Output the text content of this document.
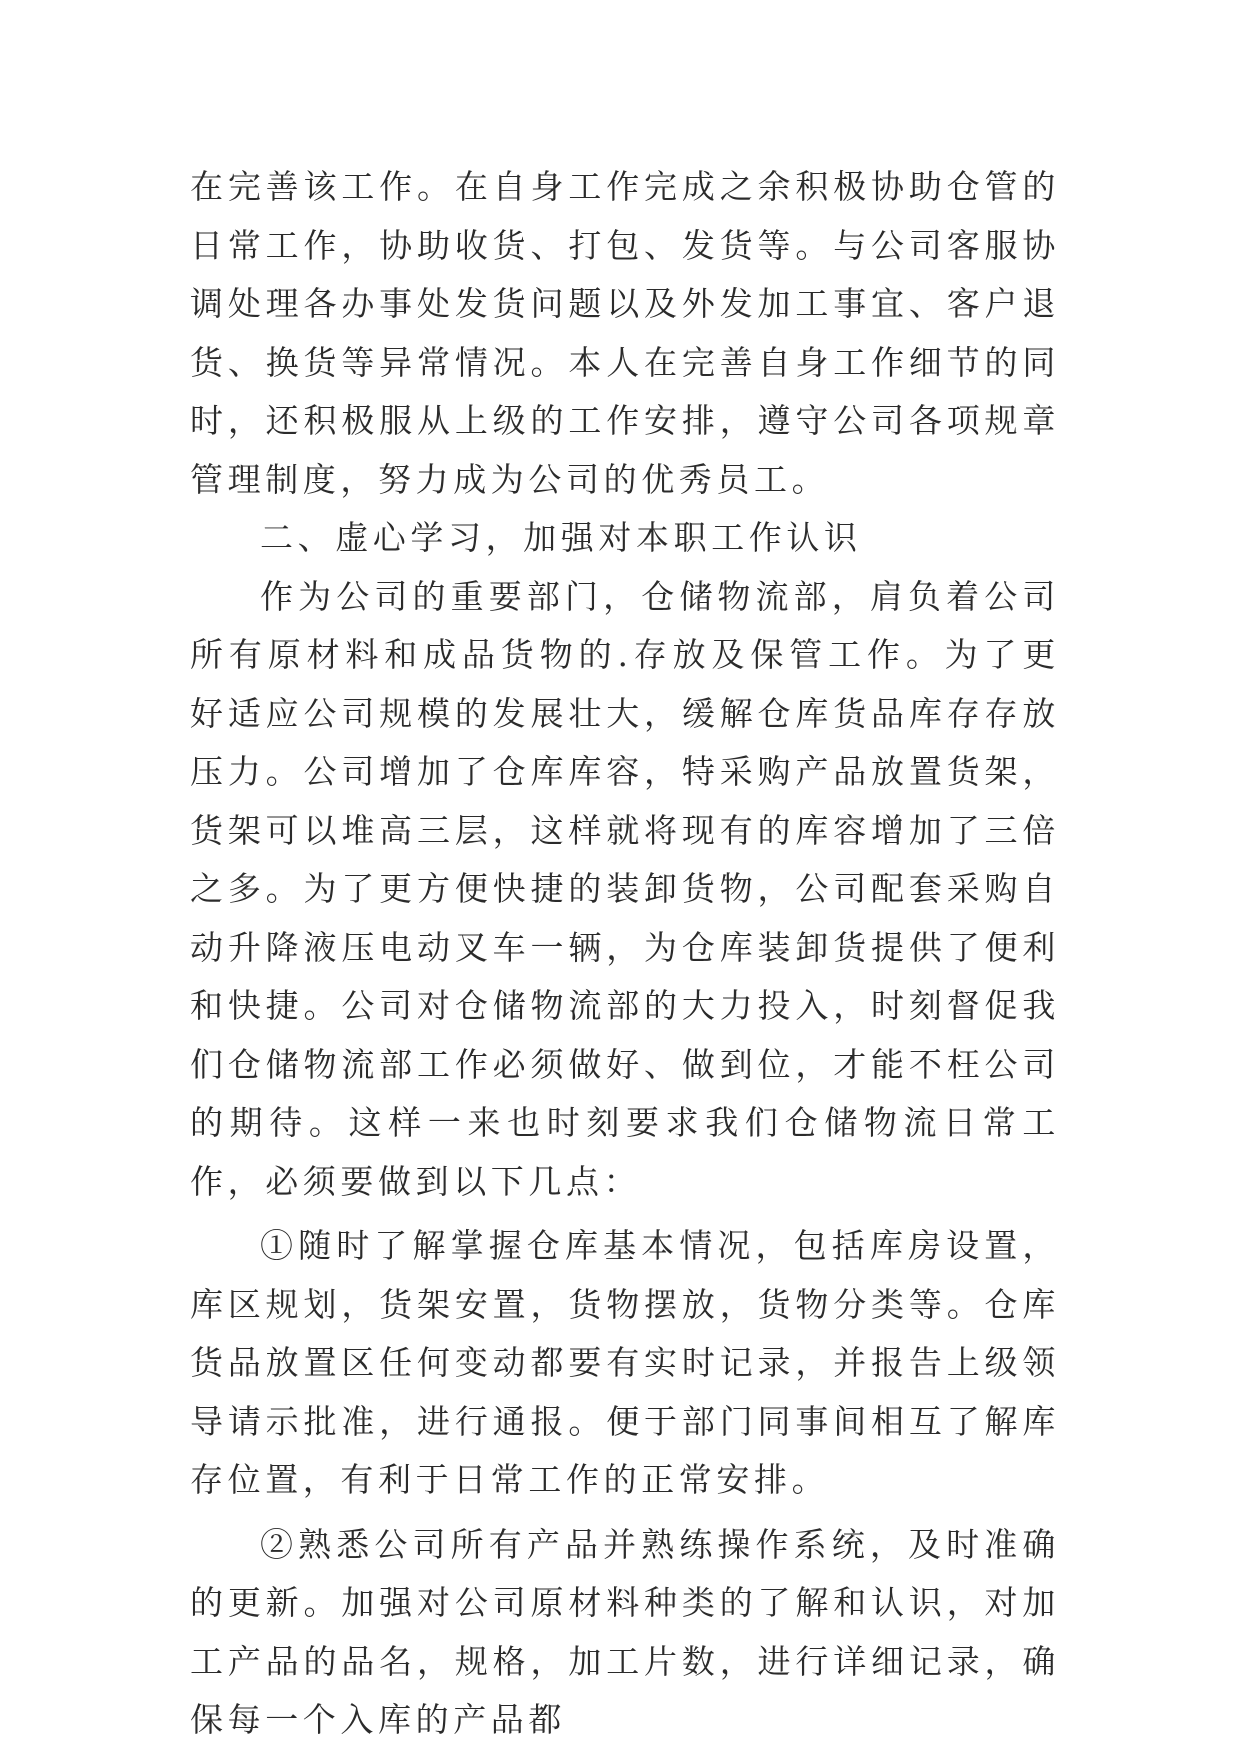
在完善该工作。在自身工作完成之余积极协助仓管的日常工作，协助收货、打包、发货等。与公司客服协调处理各办事处发货问题以及外发加工事宜、客户退货、换货等异常情况。本人在完善自身工作细节的同时，还积极服从上级的工作安排，遵守公司各项规章管理制度，努力成为公司的优秀员工。

二、虚心学习，加强对本职工作认识

作为公司的重要部门，仓储物流部，肩负着公司所有原材料和成品货物的.存放及保管工作。为了更好适应公司规模的发展壮大，缓解仓库货品库存存放压力。公司增加了仓库库容，特采购产品放置货架，货架可以堆高三层，这样就将现有的库容增加了三倍之多。为了更方便快捷的装卸货物，公司配套采购自动升降液压电动叉车一辆，为仓库装卸货提供了便利和快捷。公司对仓储物流部的大力投入，时刻督促我们仓储物流部工作必须做好、做到位，才能不枉公司的期待。这样一来也时刻要求我们仓储物流日常工作，必须要做到以下几点：

①随时了解掌握仓库基本情况，包括库房设置，库区规划，货架安置，货物摆放，货物分类等。仓库货品放置区任何变动都要有实时记录，并报告上级领导请示批准，进行通报。便于部门同事间相互了解库存位置，有利于日常工作的正常安排。

②熟悉公司所有产品并熟练操作系统，及时准确的更新。加强对公司原材料种类的了解和认识，对加工产品的品名，规格，加工片数，进行详细记录，确保每一个入库的产品都
